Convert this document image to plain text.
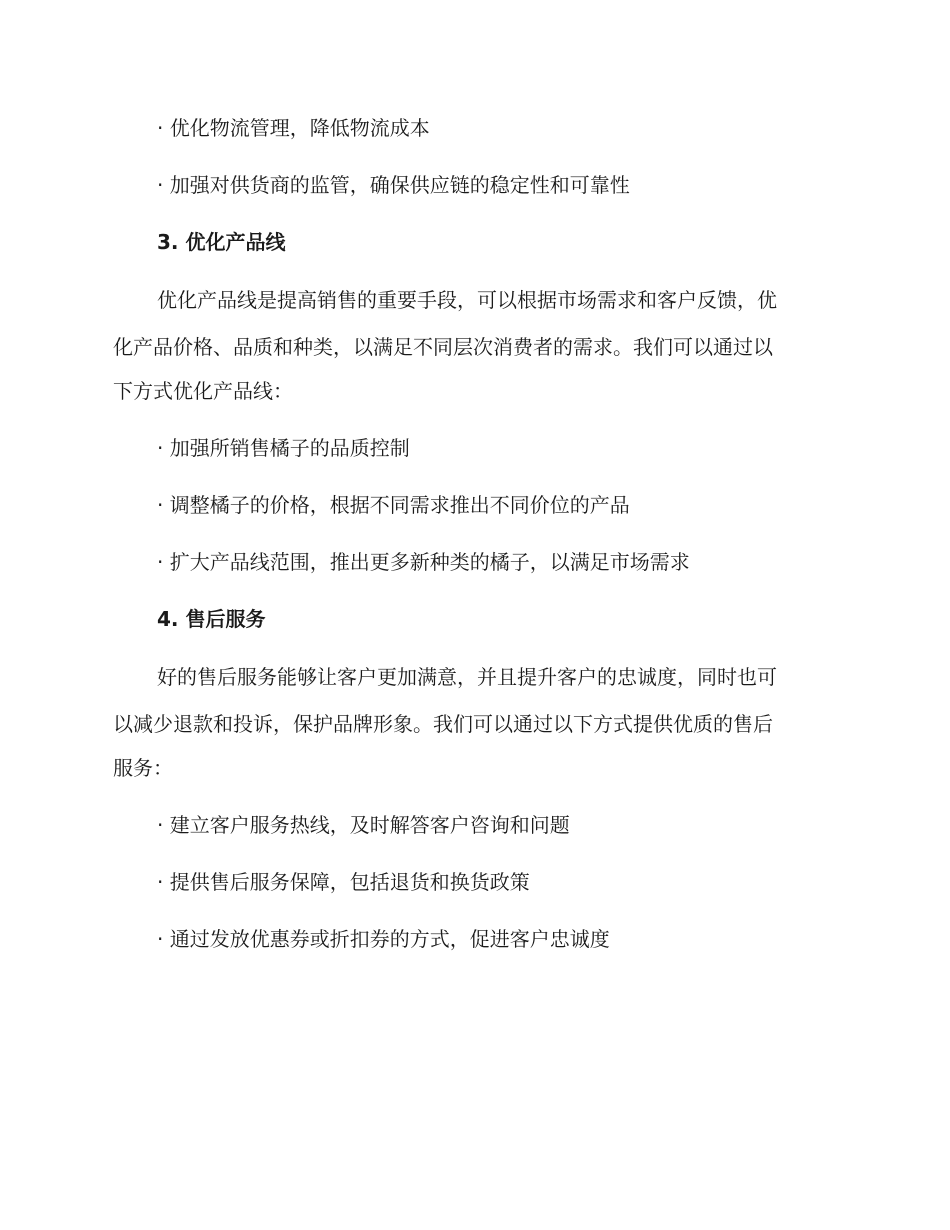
· 优化物流管理，降低物流成本
· 加强对供货商的监管，确保供应链的稳定性和可靠性
3. 优化产品线
优化产品线是提高销售的重要手段，可以根据市场需求和客户反馈，优
化产品价格、品质和种类，以满足不同层次消费者的需求。我们可以通过以
下方式优化产品线：
· 加强所销售橘子的品质控制
· 调整橘子的价格，根据不同需求推出不同价位的产品
· 扩大产品线范围，推出更多新种类的橘子，以满足市场需求
4. 售后服务
好的售后服务能够让客户更加满意，并且提升客户的忠诚度，同时也可
以减少退款和投诉，保护品牌形象。我们可以通过以下方式提供优质的售后
服务：
· 建立客户服务热线，及时解答客户咨询和问题
· 提供售后服务保障，包括退货和换货政策
· 通过发放优惠券或折扣券的方式，促进客户忠诚度
